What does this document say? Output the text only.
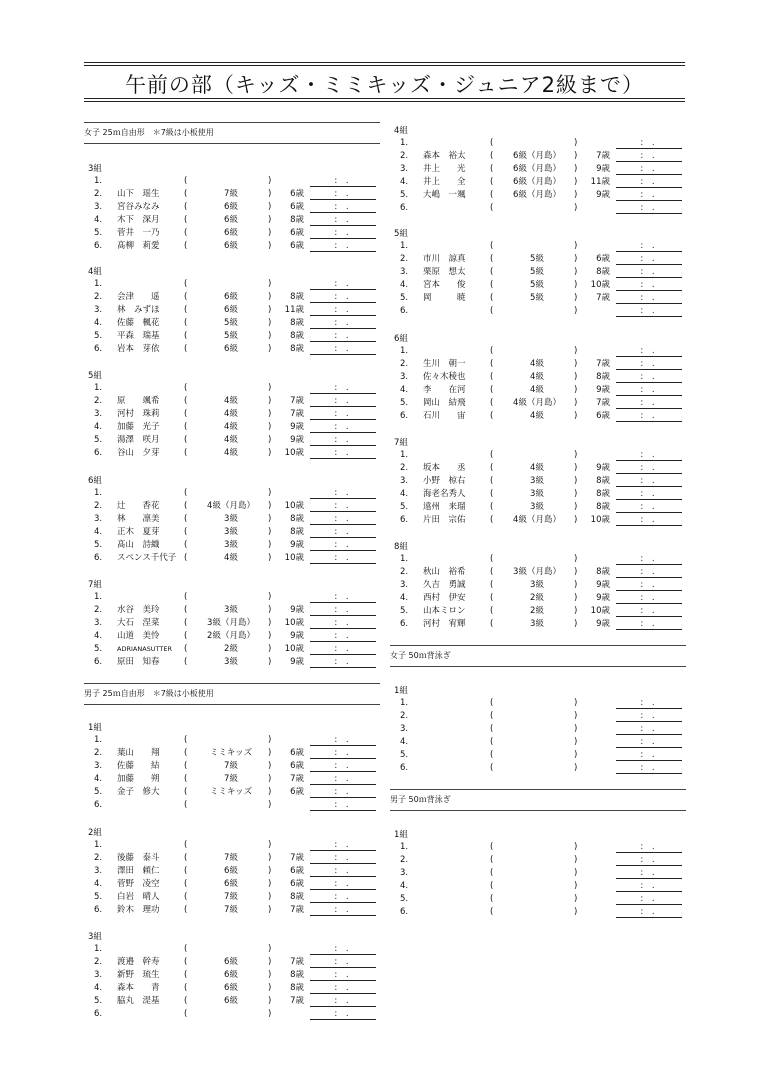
午前の部（キッズ・ミミキッズ・ジュニア2級まで）
女子 25ｍ自由形　＊7級は小板使用
3組
1.	(	)	: .
2. 山下　瑶生	(	7級	)	6歳	: .
3. 宮谷みなみ	(	6級	)	6歳	: .
4. 木下　深月	(	6級	)	8歳	: .
5. 菅井　一乃	(	6級	)	6歳	: .
6. 髙柳　莉愛	(	6級	)	6歳	: .
4組
1.	(	)	: .
2. 会津　　遥	(	6級	)	8歳	: .
3. 林　みずほ	(	6級	)	11歳	: .
4. 佐藤　楓花	(	5級	)	8歳	: .
5. 平森　瑞基	(	5級	)	8歳	: .
6. 岩本　芽依	(	6級	)	8歳	: .
5組
1.	(	)	: .
2. 原　　颯希	(	4級	)	7歳	: .
3. 河村　珠莉	(	4級	)	7歳	: .
4. 加藤　光子	(	4級	)	9歳	: .
5. 湯澤　咲月	(	4級	)	9歳	: .
6. 谷山　夕芽	(	4級	)	10歳	: .
6組
1.	(	)	: .
2. 辻　　香花	(	4級（月島）	)	10歳	: .
3. 林　　凛美	(	3級	)	8歳	: .
4. 正木　夏芽	(	3級	)	8歳	: .
5. 髙山　詩織	(	3級	)	9歳	: .
6. スペンス千代子 (	4級	)	10歳	: .
7組
1.	(	)	: .
2. 水谷　美玲	(	3級	)	9歳	: .
3. 大石　涅菜	(	3級（月島）	)	10歳	: .
4. 山道　美怜	(	2級（月島）	)	9歳	: .
5. ADRIANASUTTER (	2級	)	10歳	: .
6. 原田　知春	(	3級	)	9歳	: .
男子 25ｍ自由形　＊7級は小板使用
1組
1.	(	)	: .
2. 葉山　　翔	(	ミミキッズ	)	6歳	: .
3. 佐藤　　結	(	7級	)	6歳	: .
4. 加藤　　朔	(	7級	)	7歳	: .
5. 金子　修大	(	ミミキッズ	)	6歳	: .
6.	(	)	: .
2組
1.	(	)	: .
2. 後藤　泰斗	(	7級	)	7歳	: .
3. 澤田　頼仁	(	6級	)	6歳	: .
4. 菅野　凌空	(	6級	)	6歳	: .
5. 白岩　晴人	(	7級	)	8歳	: .
6. 鈴木　理功	(	7級	)	7歳	: .
3組
1.	(	)	: .
2. 渡邉　幹寿	(	6級	)	7歳	: .
3. 新野　琉生	(	6級	)	8歳	: .
4. 森本　　青	(	6級	)	8歳	: .
5. 脇丸　湜基	(	6級	)	7歳	: .
6.	(	)	: .
4組
1.	(	)	: .
2. 森本　裕太	(	6級（月島）	)	7歳	: .
3. 井上　　光	(	6級（月島）	)	9歳	: .
4. 井上　　全	(	6級（月島）	)	11歳	: .
5. 大嶋　一颯	(	6級（月島）	)	9歳	: .
6.	(	)	: .
5組
1.	(	)	: .
2. 市川　諒真	(	5級	)	6歳	: .
3. 栗原　想太	(	5級	)	8歳	: .
4. 宮本　　俊	(	5級	)	10歳	: .
5. 岡　　　暁	(	5級	)	7歳	: .
6.	(	)	: .
6組
1.	(	)	: .
2. 生川　朝一	(	4級	)	7歳	: .
3. 佐々木稜也	(	4級	)	8歳	: .
4. 李　　在河	(	4級	)	9歳	: .
5. 岡山　結飛	(	4級（月島）	)	7歳	: .
6. 石川　　宙	(	4級	)	6歳	: .
7組
1.	(	)	: .
2. 坂本　　丞	(	4級	)	9歳	: .
3. 小野　椋右	(	3級	)	8歳	: .
4. 海老名秀人	(	3級	)	8歳	: .
5. 遠州　来瑠	(	3級	)	8歳	: .
6. 片田　宗佑	(	4級（月島）	)	10歳	: .
8組
1.	(	)	: .
2. 秋山　裕希	(	3級（月島）	)	8歳	: .
3. 久吉　勇誠	(	3級	)	9歳	: .
4. 西村　伊安	(	2級	)	9歳	: .
5. 山本ミロン	(	2級	)	10歳	: .
6. 河村　宥輝	(	3級	)	9歳	: .
女子 50ｍ背泳ぎ
1組
1.	(	)	: .
2.	(	)	: .
3.	(	)	: .
4.	(	)	: .
5.	(	)	: .
6.	(	)	: .
男子 50ｍ背泳ぎ
1組
1.	(	)	: .
2.	(	)	: .
3.	(	)	: .
4.	(	)	: .
5.	(	)	: .
6.	(	)	: .
